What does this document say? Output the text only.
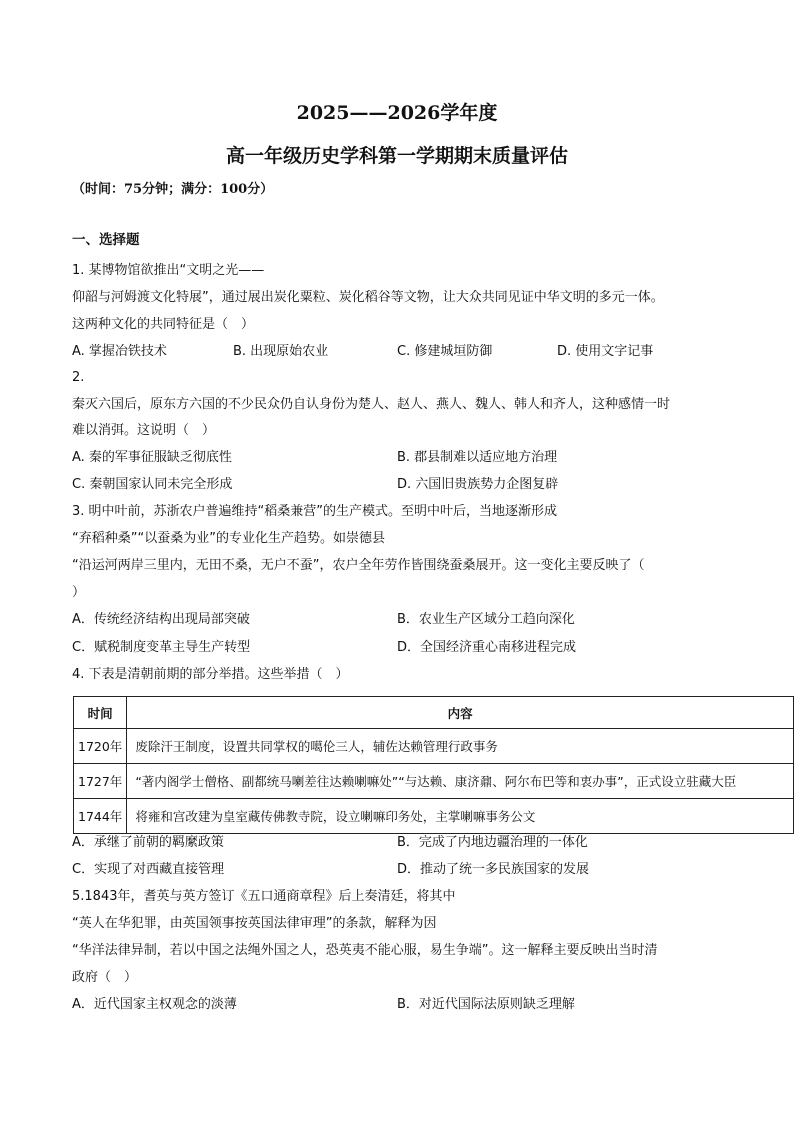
2025——2026学年度
高一年级历史学科第一学期期末质量评估
（时间：75分钟；满分：100分）
一、选择题
1. 某博物馆欲推出“文明之光——
仰韶与河姆渡文化特展”，通过展出炭化粟粒、炭化稻谷等文物，让大众共同见证中华文明的多元一体。
这两种文化的共同特征是（　）
A. 掌握冶铁技术	B. 出现原始农业	C. 修建城垣防御	D. 使用文字记事
2.
秦灭六国后，原东方六国的不少民众仍自认身份为楚人、赵人、燕人、魏人、韩人和齐人，这种感情一时
难以消弭。这说明（　）
A. 秦的军事征服缺乏彻底性	B. 郡县制难以适应地方治理
C. 秦朝国家认同未完全形成	D. 六国旧贵族势力企图复辟
3. 明中叶前，苏浙农户普遍维持“稻桑兼营”的生产模式。至明中叶后，当地逐渐形成
“弃稻种桑”“以蚕桑为业”的专业化生产趋势。如崇德县
“沿运河两岸三里内，无田不桑，无户不蚕”，农户全年劳作皆围绕蚕桑展开。这一变化主要反映了（
）
A．传统经济结构出现局部突破	B．农业生产区域分工趋向深化
C．赋税制度变革主导生产转型	D．全国经济重心南移进程完成
4. 下表是清朝前期的部分举措。这些举措（　）
时间	内容
1720年	废除汗王制度，设置共同掌权的噶伦三人，辅佐达赖管理行政事务
1727年	“著内阁学士僧格、副都统马喇差往达赖喇嘛处”“与达赖、康济鼐、阿尔布巴等和衷办事”，正式设立驻藏大臣
1744年	将雍和宫改建为皇室藏传佛教寺院，设立喇嘛印务处，主掌喇嘛事务公文
A．承继了前朝的羁縻政策	B．完成了内地边疆治理的一体化
C．实现了对西藏直接管理	D．推动了统一多民族国家的发展
5.1843年，耆英与英方签订《五口通商章程》后上奏清廷，将其中
“英人在华犯罪，由英国领事按英国法律审理”的条款，解释为因
“华洋法律异制，若以中国之法绳外国之人，恐英夷不能心服，易生争端”。这一解释主要反映出当时清
政府（　）
A．近代国家主权观念的淡薄	B．对近代国际法原则缺乏理解
